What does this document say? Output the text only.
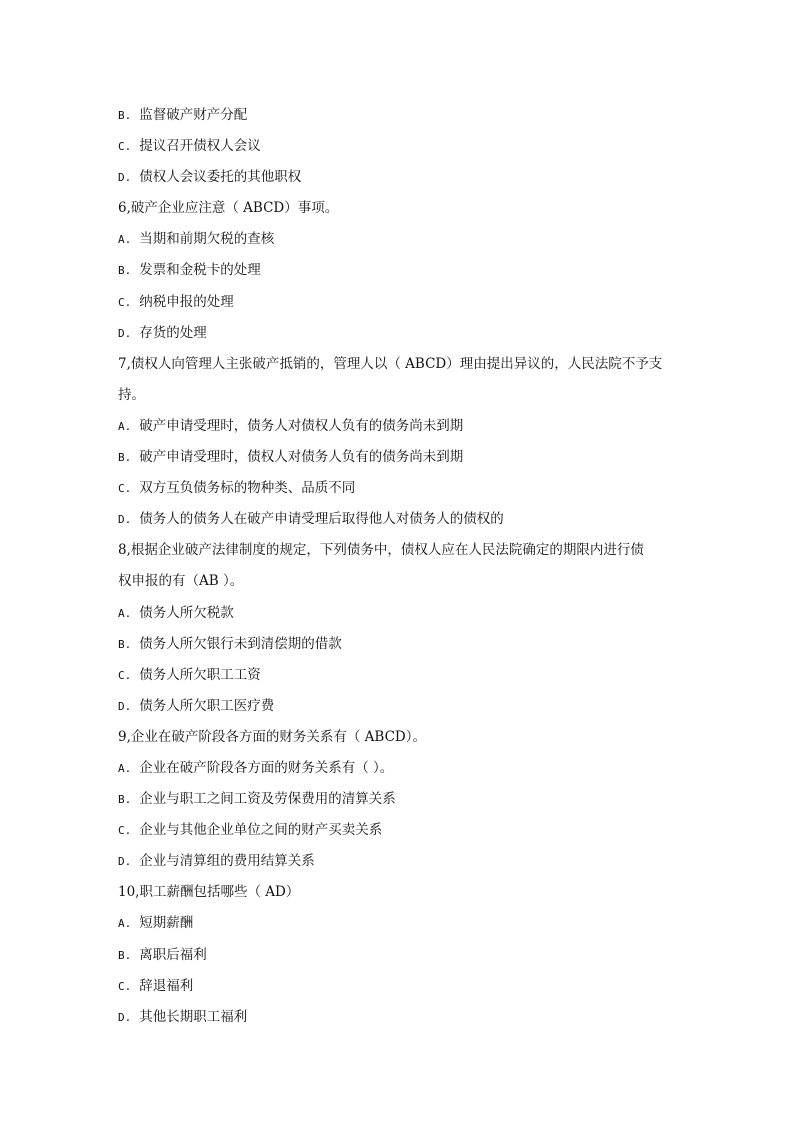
B. 监督破产财产分配
C. 提议召开债权人会议
D. 债权人会议委托的其他职权
6,破产企业应注意（ ABCD）事项。
A. 当期和前期欠税的查核
B. 发票和金税卡的处理
C. 纳税申报的处理
D. 存货的处理
7,债权人向管理人主张破产抵销的，管理人以（ ABCD）理由提出异议的，人民法院不予支
持。
A. 破产申请受理时，债务人对债权人负有的债务尚未到期
B. 破产申请受理时，债权人对债务人负有的债务尚未到期
C. 双方互负债务标的物种类、品质不同
D. 债务人的债务人在破产申请受理后取得他人对债务人的债权的
8,根据企业破产法律制度的规定，下列债务中，债权人应在人民法院确定的期限内进行债
权申报的有（AB ）。
A. 债务人所欠税款
B. 债务人所欠银行未到清偿期的借款
C. 债务人所欠职工工资
D. 债务人所欠职工医疗费
9,企业在破产阶段各方面的财务关系有（ ABCD）。
A. 企业在破产阶段各方面的财务关系有（ ）。
B. 企业与职工之间工资及劳保费用的清算关系
C. 企业与其他企业单位之间的财产买卖关系
D. 企业与清算组的费用结算关系
10,职工薪酬包括哪些（ AD）
A. 短期薪酬
B. 离职后福利
C. 辞退福利
D. 其他长期职工福利
